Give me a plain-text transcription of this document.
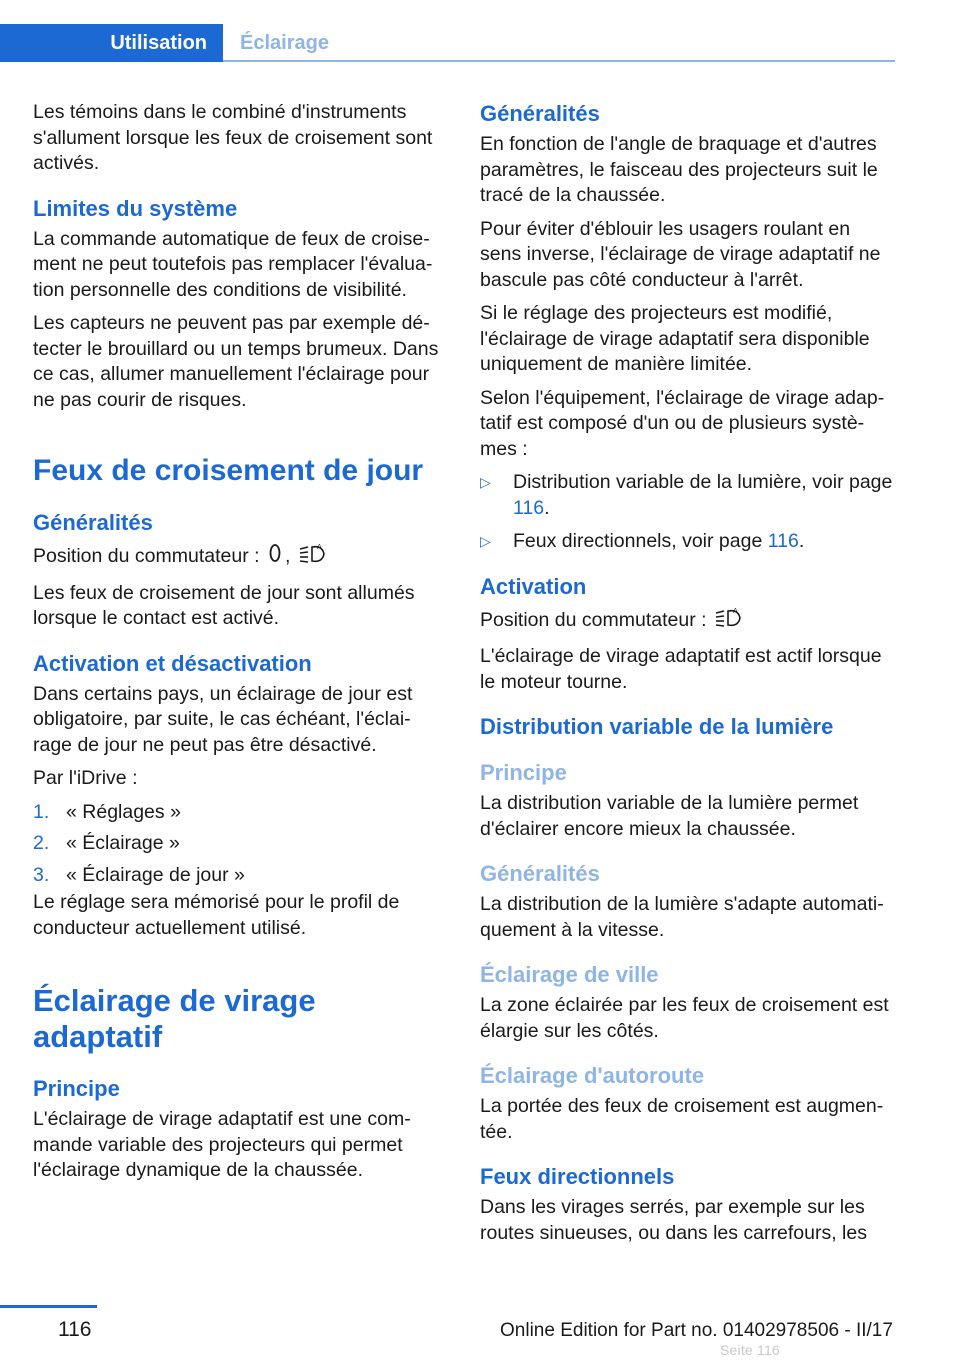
Utilisation	Éclairage

Les témoins dans le combiné d'instruments s'allument lorsque les feux de croisement sont activés.

Limites du système

La commande automatique de feux de croise-ment ne peut toutefois pas remplacer l'évalua-tion personnelle des conditions de visibilité.

Les capteurs ne peuvent pas par exemple dé-tecter le brouillard ou un temps brumeux. Dans ce cas, allumer manuellement l'éclairage pour ne pas courir de risques.

Feux de croisement de jour
Généralités

Position du commutateur : ,	A

Les feux de croisement de jour sont allumés lorsque le contact est activé.

Activation et désactivation

Dans certains pays, un éclairage de jour est obligatoire, par suite, le cas échéant, l'éclai-rage de jour ne peut pas être désactivé.

Par l'iDrive :

1. « Réglages »
2. « Éclairage »
3. « Éclairage de jour »

Le réglage sera mémorisé pour le profil de conducteur actuellement utilisé.

Éclairage de virage adaptatif
Principe

L'éclairage de virage adaptatif est une com-mande variable des projecteurs qui permet l'éclairage dynamique de la chaussée.

Généralités

En fonction de l'angle de braquage et d'autres paramètres, le faisceau des projecteurs suit le tracé de la chaussée.

Pour éviter d'éblouir les usagers roulant en sens inverse, l'éclairage de virage adaptatif ne bascule pas côté conducteur à l'arrêt.

Si le réglage des projecteurs est modifié, l'éclairage de virage adaptatif sera disponible uniquement de manière limitée.

Selon l'équipement, l'éclairage de virage adap-tatif est composé d'un ou de plusieurs systè-mes :

▷	Distribution variable de la lumière, voir page 116.
▷	Feux directionnels, voir page 116.
Activation

Position du commutateur :	A

L'éclairage de virage adaptatif est actif lorsque le moteur tourne.

Distribution variable de la lumière
Principe

La distribution variable de la lumière permet d'éclairer encore mieux la chaussée.

Généralités

La distribution de la lumière s'adapte automati-quement à la vitesse.

Éclairage de ville

La zone éclairée par les feux de croisement est élargie sur les côtés.

Éclairage d'autoroute

La portée des feux de croisement est augmen-tée.

Feux directionnels

Dans les virages serrés, par exemple sur les routes sinueuses, ou dans les carrefours, les

116	Online Edition for Part no. 01402978506 - II/17
Seite 116
